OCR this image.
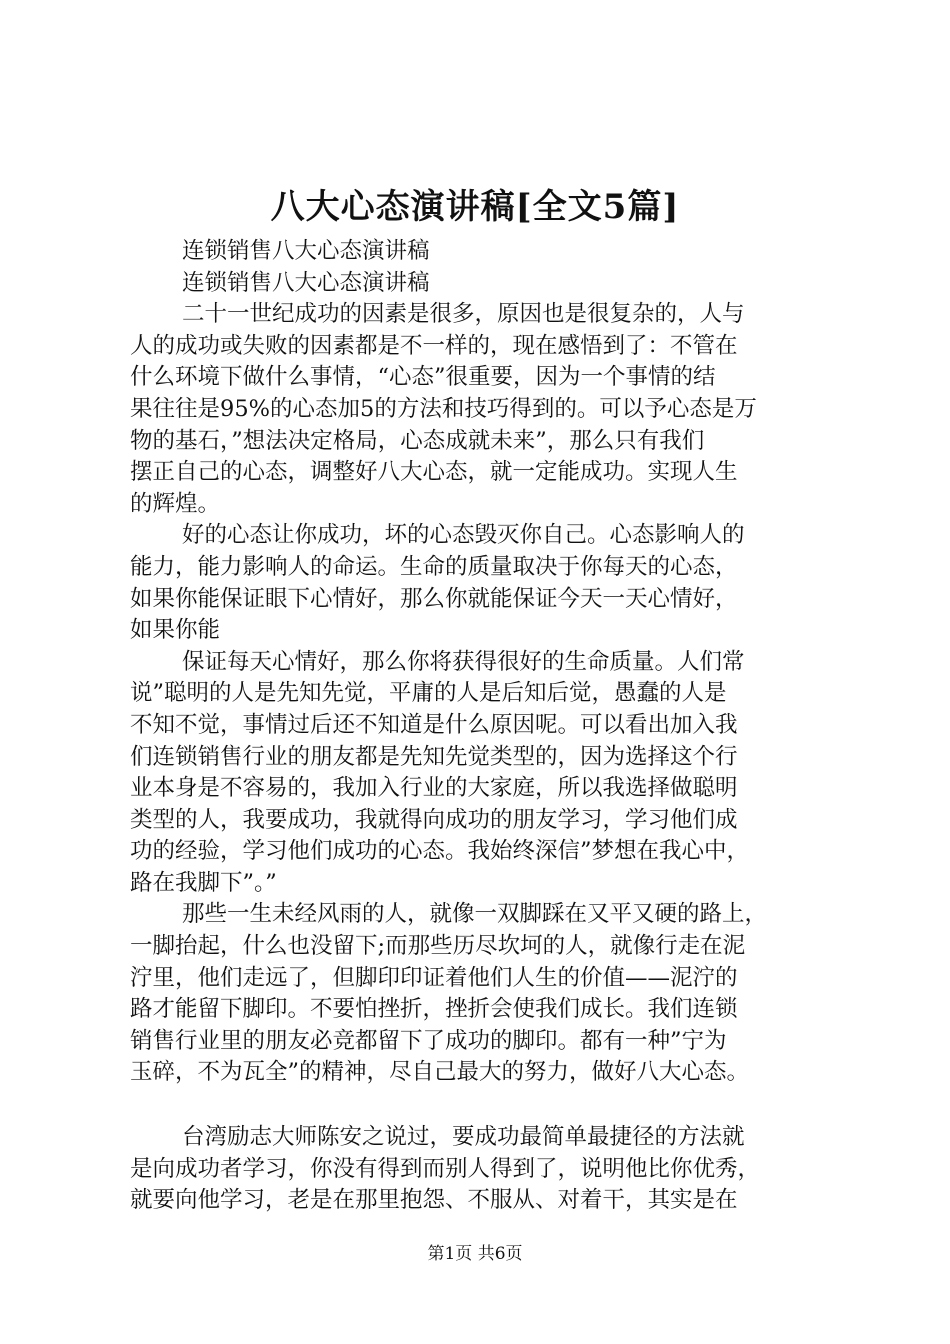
八大心态演讲稿[全文5篇]
连锁销售八大心态演讲稿
连锁销售八大心态演讲稿
二十一世纪成功的因素是很多，原因也是很复杂的，人与
人的成功或失败的因素都是不一样的，现在感悟到了：不管在
什么环境下做什么事情，“心态”很重要，因为一个事情的结
果往往是95%的心态加5的方法和技巧得到的。可以予心态是万
物的基石，”想法决定格局，心态成就未来”，那么只有我们
摆正自己的心态，调整好八大心态，就一定能成功。实现人生
的辉煌。
好的心态让你成功，坏的心态毁灭你自己。心态影响人的
能力，能力影响人的命运。生命的质量取决于你每天的心态，
如果你能保证眼下心情好，那么你就能保证今天一天心情好，
如果你能
保证每天心情好，那么你将获得很好的生命质量。人们常
说”聪明的人是先知先觉，平庸的人是后知后觉，愚蠢的人是
不知不觉，事情过后还不知道是什么原因呢。可以看出加入我
们连锁销售行业的朋友都是先知先觉类型的，因为选择这个行
业本身是不容易的，我加入行业的大家庭，所以我选择做聪明
类型的人，我要成功，我就得向成功的朋友学习，学习他们成
功的经验，学习他们成功的心态。我始终深信”梦想在我心中，
路在我脚下”。”
那些一生未经风雨的人，就像一双脚踩在又平又硬的路上，
一脚抬起，什么也没留下;而那些历尽坎坷的人，就像行走在泥
泞里，他们走远了，但脚印印证着他们人生的价值——泥泞的
路才能留下脚印。不要怕挫折，挫折会使我们成长。我们连锁
销售行业里的朋友必竞都留下了成功的脚印。都有一种”宁为
玉碎，不为瓦全”的精神，尽自己最大的努力，做好八大心态。
台湾励志大师陈安之说过，要成功最简单最捷径的方法就
是向成功者学习，你没有得到而别人得到了，说明他比你优秀，
就要向他学习，老是在那里抱怨、不服从、对着干，其实是在
第1页 共6页
